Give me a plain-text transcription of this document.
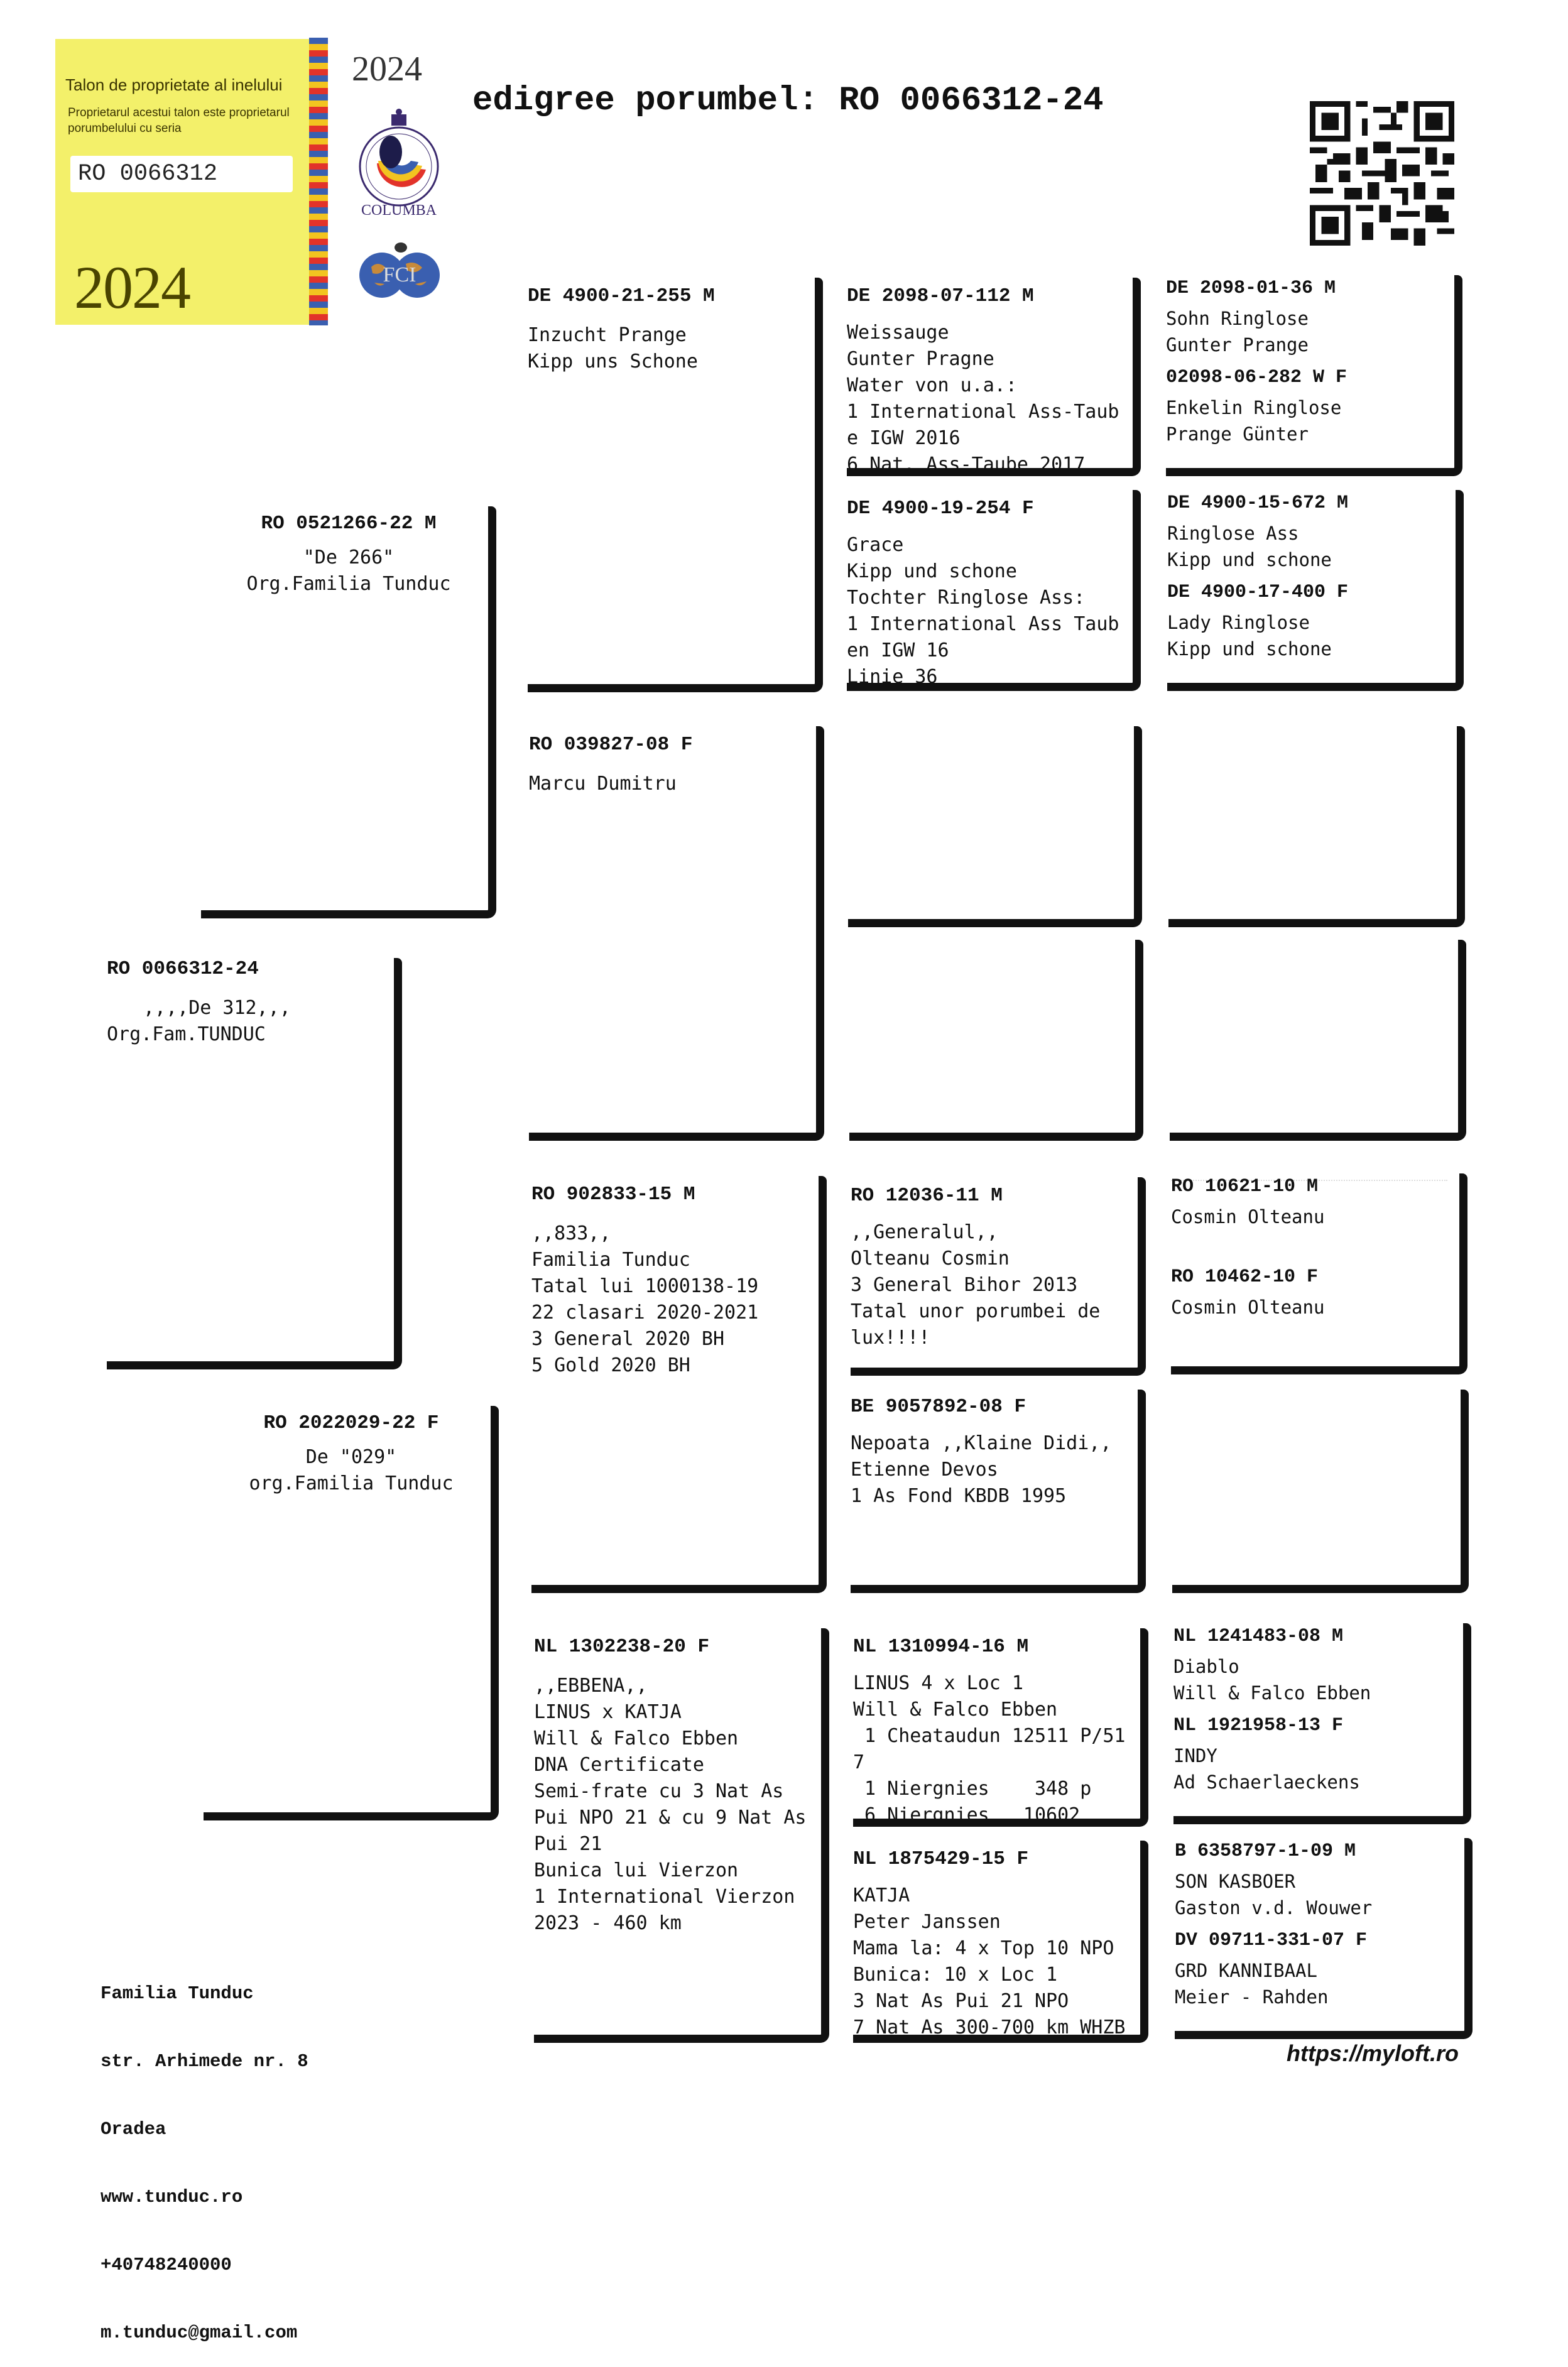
Talon de proprietate al inelului
Proprietarul acestui talon este proprietarul porumbelului cu seria
RO 0066312
2024
2024
COLUMBA
FCI
edigree porumbel: RO 0066312-24
RO 0066312-24
,,,,De 312,,,
Org.Fam.TUNDUC
RO 0521266-22 M
"De 266"
Org.Familia Tunduc
RO 2022029-22 F
De "029"
org.Familia Tunduc
DE 4900-21-255 M
Inzucht Prange
Kipp uns Schone
RO 039827-08 F
Marcu Dumitru
RO 902833-15 M
,,833,,
Familia Tunduc
Tatal lui 1000138-19
22 clasari 2020-2021
3 General 2020 BH
5 Gold 2020 BH
NL 1302238-20 F
,,EBBENA,,
LINUS x KATJA
Will & Falco Ebben
DNA Certificate
Semi-frate cu 3 Nat As
Pui NPO 21 & cu 9 Nat As
Pui 21
Bunica lui Vierzon
1 International Vierzon
2023 - 460 km
DE 2098-07-112 M
Weissauge
Gunter Pragne
Water von u.a.:
1 International Ass-Taub
e IGW 2016
6 Nat. Ass-Taube 2017
DE 4900-19-254 F
Grace
Kipp und schone
Tochter Ringlose Ass:
1 International Ass Taub
en IGW 16
Linie 36
RO 12036-11 M
,,Generalul,,
Olteanu Cosmin
3 General Bihor 2013
Tatal unor porumbei de
lux!!!!
BE 9057892-08 F
Nepoata ,,Klaine Didi,,
Etienne Devos
1 As Fond KBDB 1995
NL 1310994-16 M
LINUS 4 x Loc 1
Will & Falco Ebben
1 Cheataudun 12511 P/51
7
1 Niergnies    348 p
6 Niergnies   10602
NL 1875429-15 F
KATJA
Peter Janssen
Mama la: 4 x Top 10 NPO
Bunica: 10 x Loc 1
3 Nat As Pui 21 NPO
7 Nat As 300-700 km WHZB
DE 2098-01-36 M
Sohn Ringlose
Gunter Prange
02098-06-282 W F
Enkelin Ringlose
Prange Günter
DE 4900-15-672 M
Ringlose Ass
Kipp und schone
DE 4900-17-400 F
Lady Ringlose
Kipp und schone
RO 10621-10 M
Cosmin Olteanu
RO 10462-10 F
Cosmin Olteanu
NL 1241483-08 M
Diablo
Will & Falco Ebben
NL 1921958-13 F
INDY
Ad Schaerlaeckens
B 6358797-1-09 M
SON KASBOER
Gaston v.d. Wouwer
DV 09711-331-07 F
GRD KANNIBAAL
Meier - Rahden

Familia Tunduc

str. Arhimede nr. 8

Oradea

www.tunduc.ro

+40748240000

m.tunduc@gmail.com

https://myloft.ro
